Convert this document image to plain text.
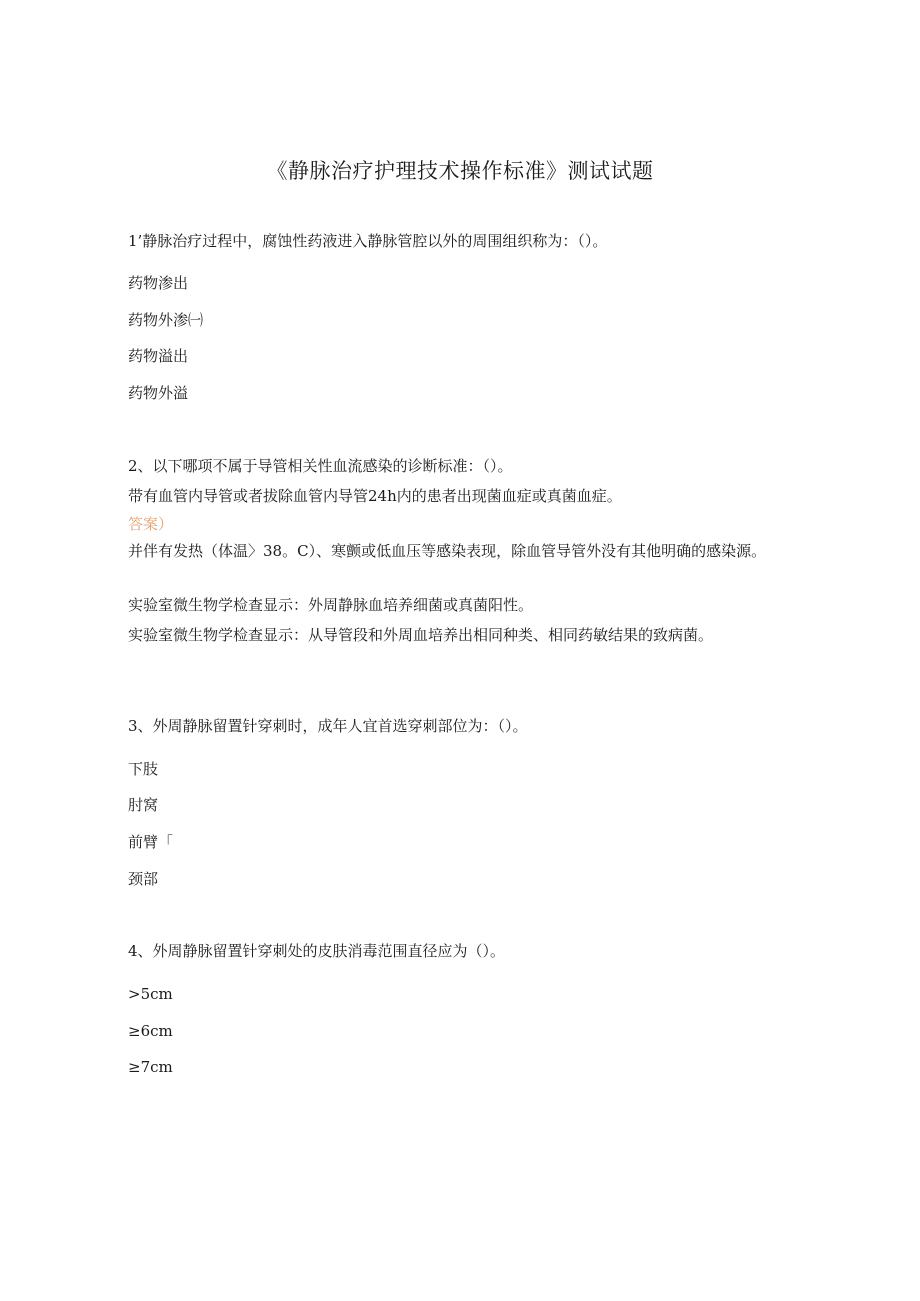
《静脉治疗护理技术操作标准》测试试题

1’静脉治疗过程中，腐蚀性药液进入静脉管腔以外的周围组织称为：（）。

药物渗出

药物外渗㈠

药物溢出

药物外溢

2、以下哪项不属于导管相关性血流感染的诊断标准：（）。

带有血管内导管或者拔除血管内导管24h内的患者出现菌血症或真菌血症。

答案）

并伴有发热（体温〉38。C）、寒颤或低血压等感染表现，除血管导管外没有其他明确的感染源。

实验室微生物学检查显示：外周静脉血培养细菌或真菌阳性。

实验室微生物学检查显示：从导管段和外周血培养出相同种类、相同药敏结果的致病菌。

3、外周静脉留置针穿刺时，成年人宜首选穿刺部位为：（）。

下肢

肘窝

前臂「

颈部

4、外周静脉留置针穿刺处的皮肤消毒范围直径应为（）。

>5cm

≥6cm

≥7cm
